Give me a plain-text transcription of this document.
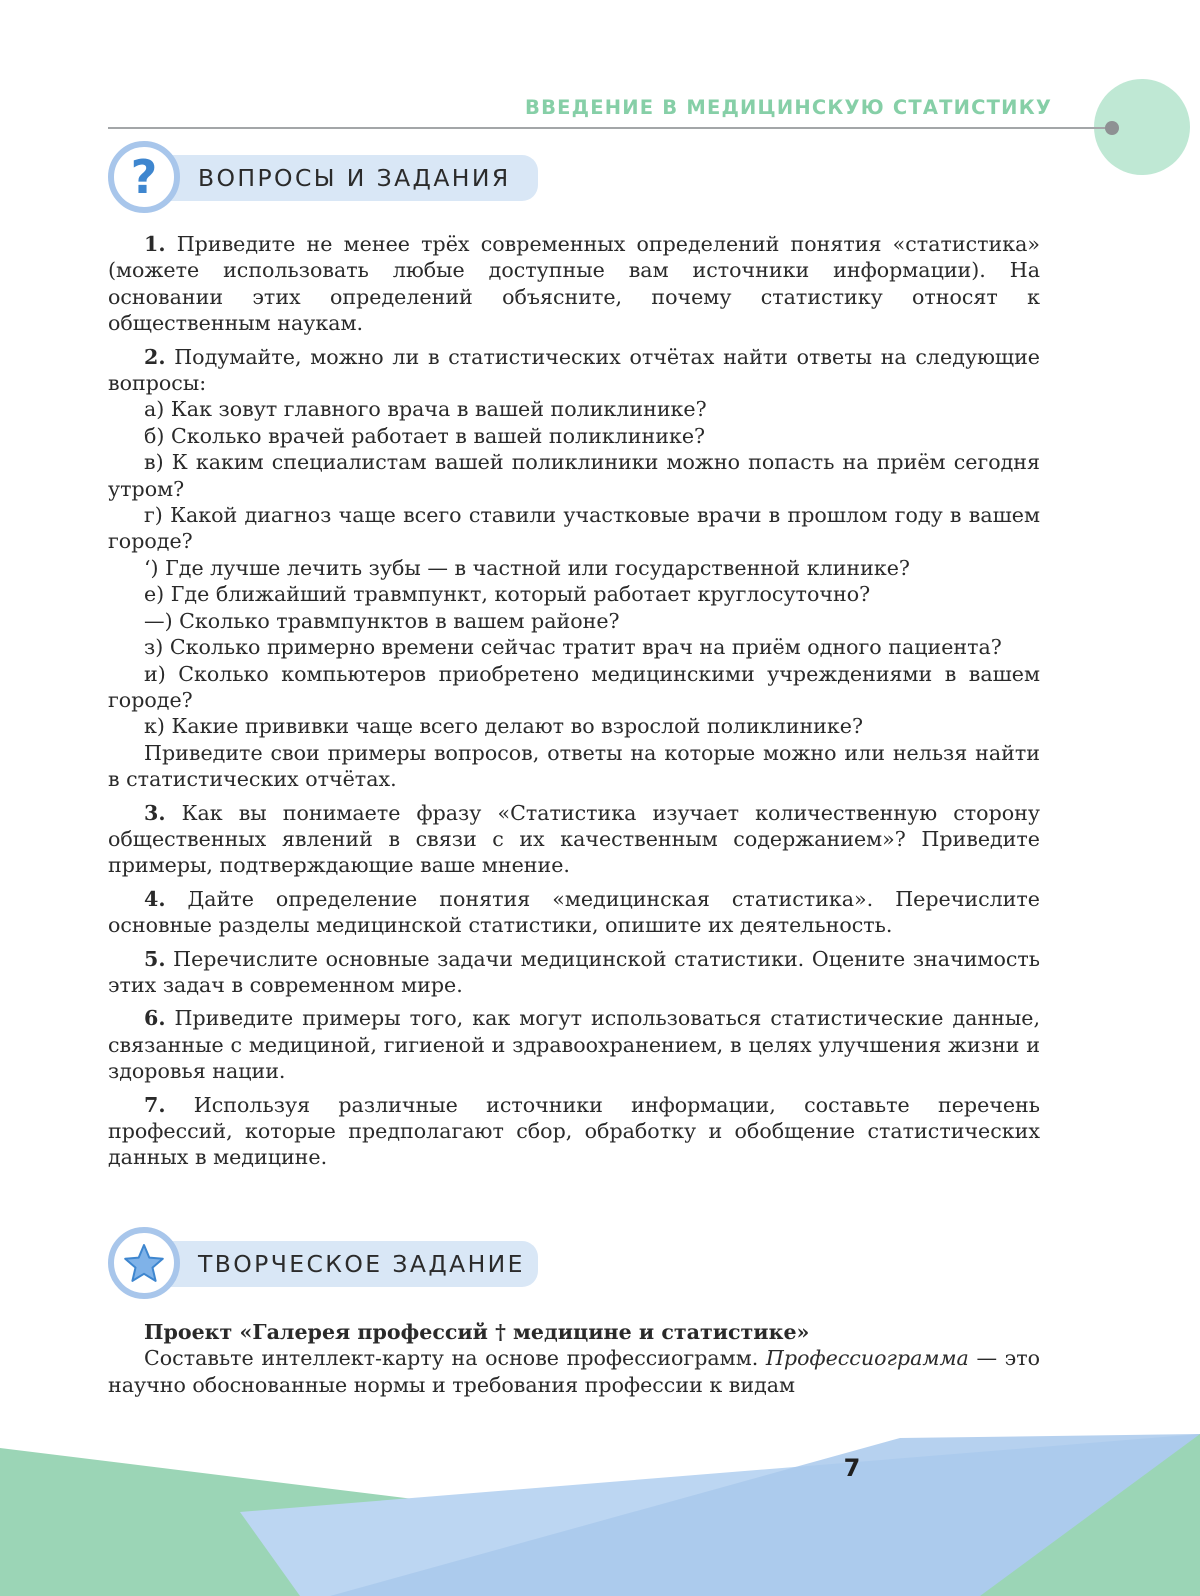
ВВЕДЕНИЕ В МЕДИЦИНСКУЮ СТАТИСТИКУ
ВОПРОСЫ И ЗАДАНИЯ
?

1. Приведите не менее трёх современных определений понятия «статистика» (можете использовать любые доступные вам источники информации). На основании этих определений объясните, почему статистику относят к общественным наукам.

2. Подумайте, можно ли в статистических отчётах найти ответы на следующие вопросы:

а) Как зовут главного врача в вашей поликлинике?

б) Сколько врачей работает в вашей поликлинике?

в) К каким специалистам вашей поликлиники можно попасть на приём сегодня утром?

г) Какой диагноз чаще всего ставили участковые врачи в прошлом году в вашем городе?

‘) Где лучше лечить зубы — в частной или государственной клинике?

е) Где ближайший травмпункт, который работает круглосуточно?

—) Сколько травмпунктов в вашем районе?

з) Сколько примерно времени сейчас тратит врач на приём одного пациента?

и) Сколько компьютеров приобретено медицинскими учреждениями в вашем городе?

к) Какие прививки чаще всего делают во взрослой поликлинике?

Приведите свои примеры вопросов, ответы на которые можно или нельзя найти в статистических отчётах.

3. Как вы понимаете фразу «Статистика изучает количественную сторону общественных явлений в связи с их качественным содержанием»? Приведите примеры, подтверждающие ваше мнение.

4. Дайте определение понятия «медицинская статистика». Перечислите основные разделы медицинской статистики, опишите их деятельность.

5. Перечислите основные задачи медицинской статистики. Оцените значимость этих задач в современном мире.

6. Приведите примеры того, как могут использоваться статистические данные, связанные с медициной, гигиеной и здравоохранением, в целях улучшения жизни и здоровья нации.

7. Используя различные источники информации, составьте перечень профессий, которые предполагают сбор, обработку и обобщение статистических данных в медицине.

ТВОРЧЕСКОЕ ЗАДАНИЕ

Проект «Галерея профессий † медицине и статистике»

Составьте интеллект-карту на основе профессиограмм. Профессиограмма — это научно обоснованные нормы и требования профессии к видам

7
